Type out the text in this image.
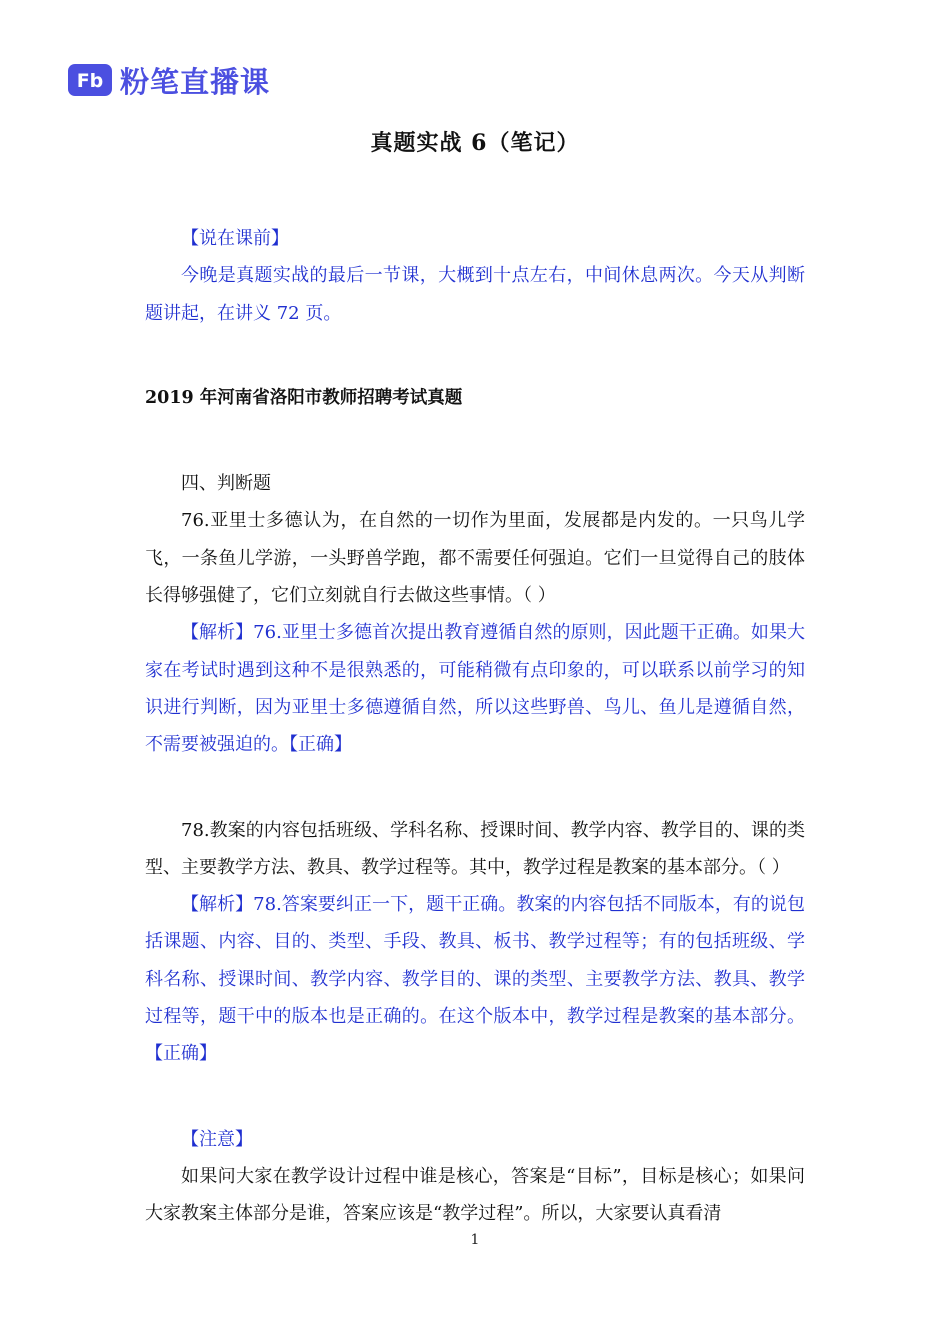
Fb 粉笔直播课
真题实战 6（笔记）

【说在课前】

今晚是真题实战的最后一节课，大概到十点左右，中间休息两次。今天从判断题讲起，在讲义 72 页。

2019 年河南省洛阳市教师招聘考试真题

四、判断题

76.亚里士多德认为，在自然的一切作为里面，发展都是内发的。一只鸟儿学飞，一条鱼儿学游，一头野兽学跑，都不需要任何强迫。它们一旦觉得自己的肢体长得够强健了，它们立刻就自行去做这些事情。（ ）

【解析】76.亚里士多德首次提出教育遵循自然的原则，因此题干正确。如果大家在考试时遇到这种不是很熟悉的，可能稍微有点印象的，可以联系以前学习的知识进行判断，因为亚里士多德遵循自然，所以这些野兽、鸟儿、鱼儿是遵循自然，不需要被强迫的。【正确】

78.教案的内容包括班级、学科名称、授课时间、教学内容、教学目的、课的类型、主要教学方法、教具、教学过程等。其中，教学过程是教案的基本部分。（ ）

【解析】78.答案要纠正一下，题干正确。教案的内容包括不同版本，有的说包括课题、内容、目的、类型、手段、教具、板书、教学过程等；有的包括班级、学科名称、授课时间、教学内容、教学目的、课的类型、主要教学方法、教具、教学过程等，题干中的版本也是正确的。在这个版本中，教学过程是教案的基本部分。【正确】

【注意】

如果问大家在教学设计过程中谁是核心，答案是“目标”，目标是核心；如果问大家教案主体部分是谁，答案应该是“教学过程”。所以，大家要认真看清

1
